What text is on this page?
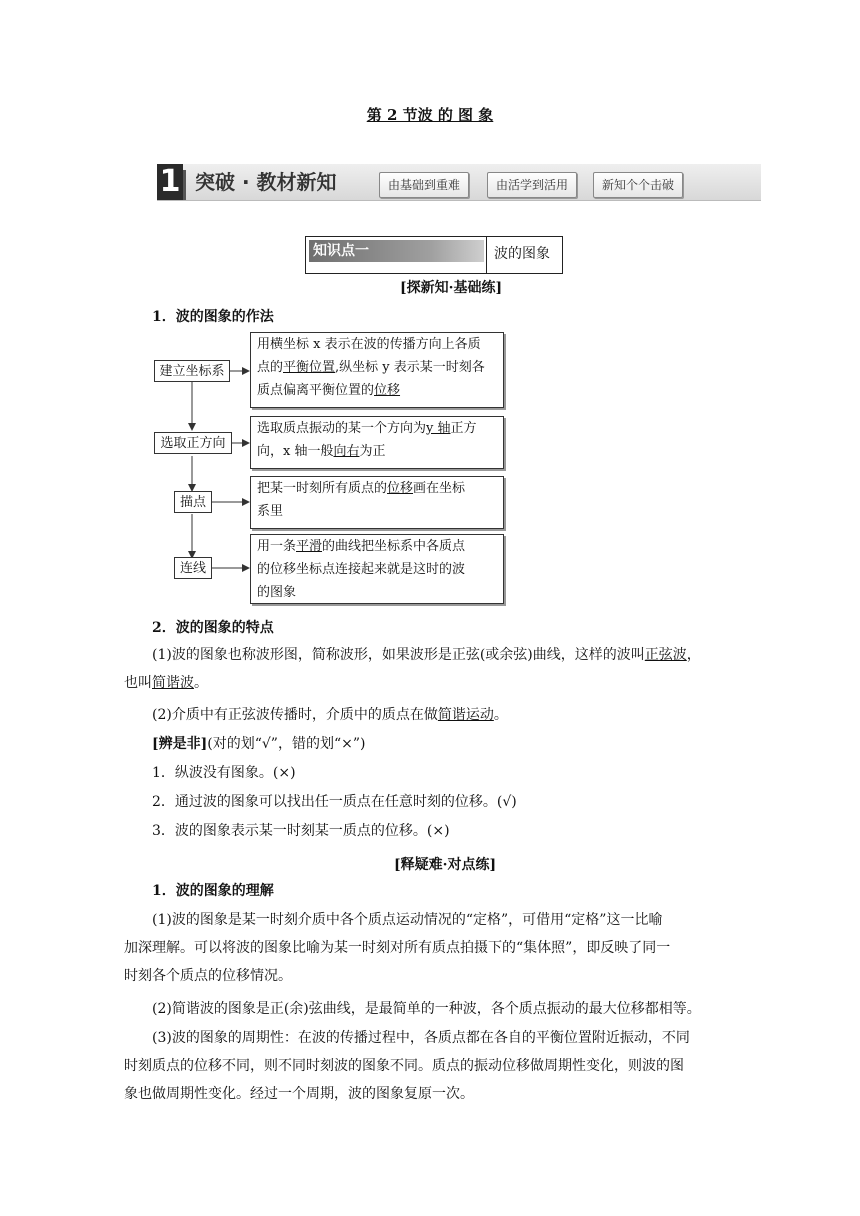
第 2 节波 的 图 象
1 突破 · 教材新知	由基础到重难	由活学到活用	新知个个击破
知识点一	波的图象
[探新知·基础练]
1．波的图象的作法
建立坐标系
选取正方向
描点
连线
用横坐标 x 表示在波的传播方向上各质
点的平衡位置,纵坐标 y 表示某一时刻各
质点偏离平衡位置的位移
选取质点振动的某一个方向为y 轴正方
向，x 轴一般向右为正
把某一时刻所有质点的位移画在坐标
系里
用一条平滑的曲线把坐标系中各质点
的位移坐标点连接起来就是这时的波
的图象
2．波的图象的特点
(1)波的图象也称波形图，简称波形，如果波形是正弦(或余弦)曲线，这样的波叫正弦波，
也叫简谐波。
(2)介质中有正弦波传播时，介质中的质点在做简谐运动。
[辨是非](对的划“√”，错的划“×”)
1．纵波没有图象。(×)
2．通过波的图象可以找出任一质点在任意时刻的位移。(√)
3．波的图象表示某一时刻某一质点的位移。(×)
[释疑难·对点练]
1．波的图象的理解
(1)波的图象是某一时刻介质中各个质点运动情况的“定格”，可借用“定格”这一比喻
加深理解。可以将波的图象比喻为某一时刻对所有质点拍摄下的“集体照”，即反映了同一
时刻各个质点的位移情况。
(2)简谐波的图象是正(余)弦曲线，是最简单的一种波，各个质点振动的最大位移都相等。
(3)波的图象的周期性：在波的传播过程中，各质点都在各自的平衡位置附近振动，不同
时刻质点的位移不同，则不同时刻波的图象不同。质点的振动位移做周期性变化，则波的图
象也做周期性变化。经过一个周期，波的图象复原一次。
